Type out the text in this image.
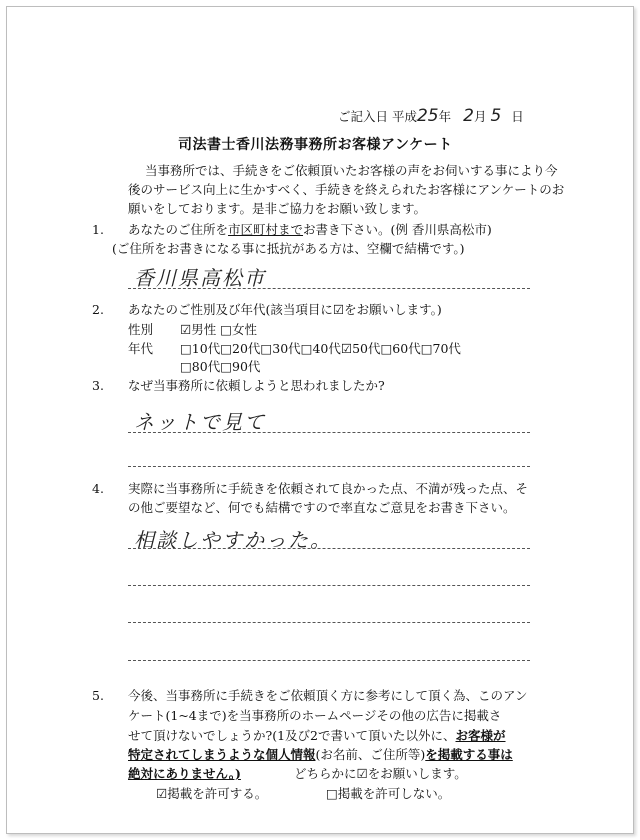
ご記入日 平成25年 2月 5 日
司法書士香川法務事務所お客様アンケート
当事務所では、手続きをご依頼頂いたお客様の声をお伺いする事により今
後のサービス向上に生かすべく、手続きを終えられたお客様にアンケートのお
願いをしております。是非ご協力をお願い致します。
1. あなたのご住所を市区町村までお書き下さい。(例 香川県高松市)
(ご住所をお書きになる事に抵抗がある方は、空欄で結構です。)
香川県高松市
2. あなたのご性別及び年代(該当項目に☑をお願いします。)
性別 ☑男性 □女性
年代 □10代□20代□30代□40代☑50代□60代□70代
□80代□90代
3. なぜ当事務所に依頼しようと思われましたか?
ネットで見て
4. 実際に当事務所に手続きを依頼されて良かった点、不満が残った点、そ
の他ご要望など、何でも結構ですので率直なご意見をお書き下さい。
相談しやすかった。
5. 今後、当事務所に手続きをご依頼頂く方に参考にして頂く為、このアン
ケート(1~4まで)を当事務所のホームページその他の広告に掲載さ
せて頂けないでしょうか?(1及び2で書いて頂いた以外に、お客様が
特定されてしまうような個人情報(お名前、ご住所等)を掲載する事は
絶対にありません。)	どちらかに☑をお願いします。
☑掲載を許可する。	□掲載を許可しない。
